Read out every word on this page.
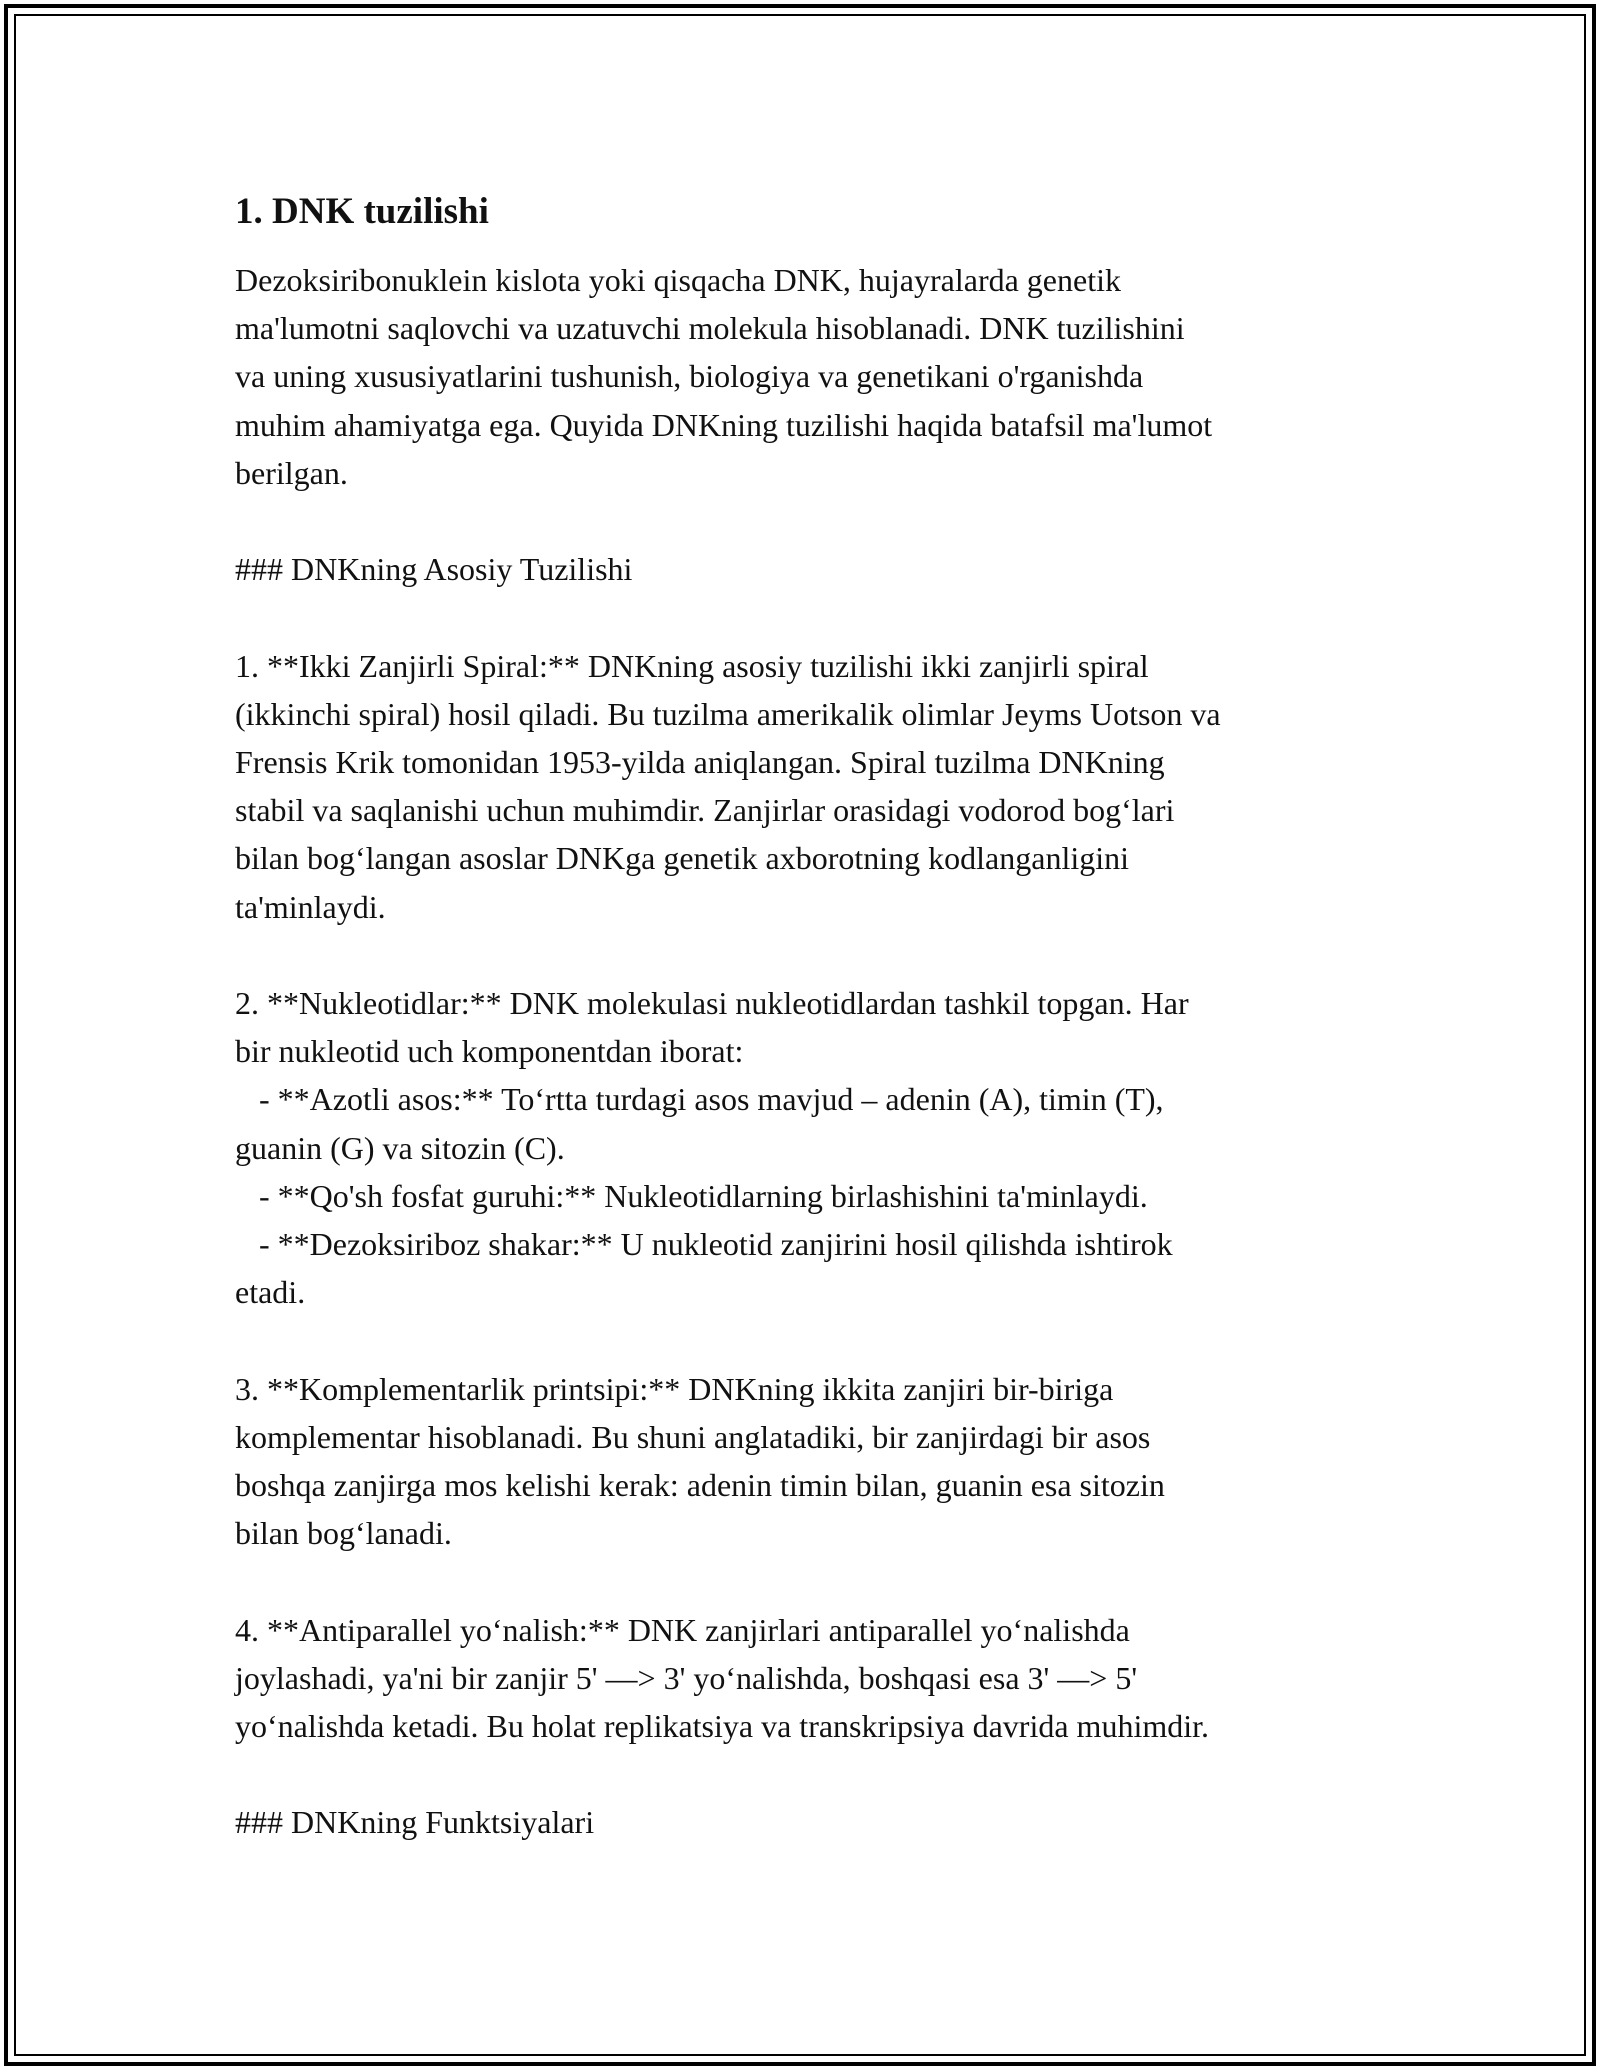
1. DNK tuzilishi
Dezoksiribonuklein kislota yoki qisqacha DNK, hujayralarda genetik
ma'lumotni saqlovchi va uzatuvchi molekula hisoblanadi. DNK tuzilishini
va uning xususiyatlarini tushunish, biologiya va genetikani o'rganishda
muhim ahamiyatga ega. Quyida DNKning tuzilishi haqida batafsil ma'lumot
berilgan.
### DNKning Asosiy Tuzilishi
1. **Ikki Zanjirli Spiral:** DNKning asosiy tuzilishi ikki zanjirli spiral
(ikkinchi spiral) hosil qiladi. Bu tuzilma amerikalik olimlar Jeyms Uotson va
Frensis Krik tomonidan 1953-yilda aniqlangan. Spiral tuzilma DNKning
stabil va saqlanishi uchun muhimdir. Zanjirlar orasidagi vodorod bog‘lari
bilan bog‘langan asoslar DNKga genetik axborotning kodlanganligini
ta'minlaydi.
2. **Nukleotidlar:** DNK molekulasi nukleotidlardan tashkil topgan. Har
bir nukleotid uch komponentdan iborat:
- **Azotli asos:** To‘rtta turdagi asos mavjud – adenin (A), timin (T),
guanin (G) va sitozin (C).
- **Qo'sh fosfat guruhi:** Nukleotidlarning birlashishini ta'minlaydi.
- **Dezoksiriboz shakar:** U nukleotid zanjirini hosil qilishda ishtirok
etadi.
3. **Komplementarlik printsipi:** DNKning ikkita zanjiri bir-biriga
komplementar hisoblanadi. Bu shuni anglatadiki, bir zanjirdagi bir asos
boshqa zanjirga mos kelishi kerak: adenin timin bilan, guanin esa sitozin
bilan bog‘lanadi.
4. **Antiparallel yo‘nalish:** DNK zanjirlari antiparallel yo‘nalishda
joylashadi, ya'ni bir zanjir 5' —> 3' yo‘nalishda, boshqasi esa 3' —> 5'
yo‘nalishda ketadi. Bu holat replikatsiya va transkripsiya davrida muhimdir.
### DNKning Funktsiyalari
